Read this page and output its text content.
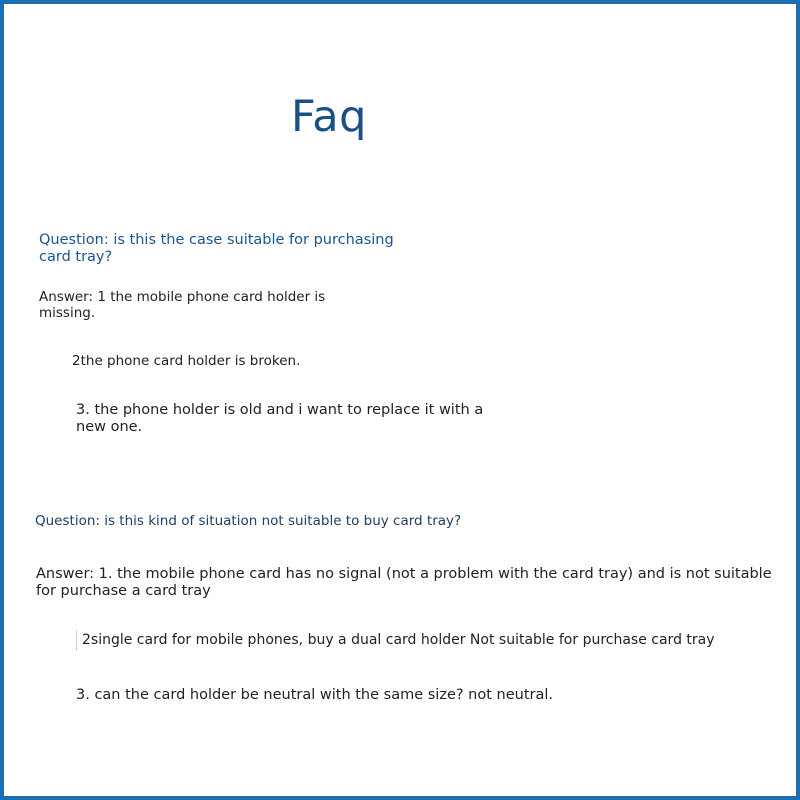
Faq
Question: is this the case suitable for purchasing card tray?
Answer: 1 the mobile phone card holder is missing.
2the phone card holder is broken.
3. the phone holder is old and i want to replace it with a new one.
Question: is this kind of situation not suitable to buy card tray?
Answer: 1. the mobile phone card has no signal (not a problem with the card tray) and is not suitable for purchase a card tray
2single card for mobile phones, buy a dual card holder Not suitable for purchase card tray
3. can the card holder be neutral with the same size? not neutral.
